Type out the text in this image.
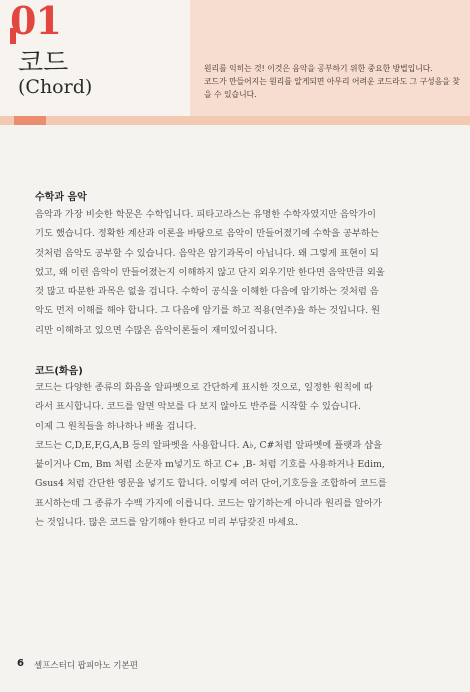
01
코드
(Chord)
원리를 익히는 것! 이것은 음악을 공부하기 위한 중요한 방법입니다.
코드가 만들어지는 원리를 알게되면 아무리 어려운 코드라도 그 구성음을 찾
을 수 있습니다.
수학과 음악
음악과 가장 비슷한 학문은 수학입니다. 피타고라스는 유명한 수학자였지만 음악가이
기도 했습니다. 정확한 계산과 이론을 바탕으로 음악이 만들어졌기에 수학을 공부하는
것처럼 음악도 공부할 수 있습니다. 음악은 암기과목이 아닙니다. 왜 그렇게 표현이 되
었고, 왜 이런 음악이 만들어졌는지 이해하지 않고 단지 외우기만 한다면 음악만큼 외울
것 많고 따분한 과목은 없을 겁니다. 수학이 공식을 이해한 다음에 암기하는 것처럼 음
악도 먼저 이해를 해야 합니다. 그 다음에 암기를 하고 적용(연주)을 하는 것입니다. 원
리만 이해하고 있으면 수많은 음악이론들이 재미있어집니다.
코드(화음)
코드는 다양한 종류의 화음을 알파벳으로 간단하게 표시한 것으로, 일정한 원칙에 따
라서 표시합니다. 코드를 알면 악보를 다 보지 않아도 반주를 시작할 수 있습니다.
이제 그 원칙들을 하나하나 배울 겁니다.
코드는 C,D,E,F,G,A,B 등의 알파벳을 사용합니다. A♭, C#처럼 알파벳에 플랫과 샵을
붙이거나 Cm, Bm 처럼 소문자 m넣기도 하고 C+ ,B- 처럼 기호를 사용하거나 Edim,
Gsus4 처럼 간단한 영문을 넣기도 합니다. 이렇게 여러 단어,기호등을 조합하여 코드를
표시하는데 그 종류가 수백 가지에 이릅니다. 코드는 암기하는게 아니라 원리를 알아가
는 것입니다. 많은 코드를 암기해야 한다고 미리 부담갖진 마세요.
6 셀프스터디 팝피아노 기본편
